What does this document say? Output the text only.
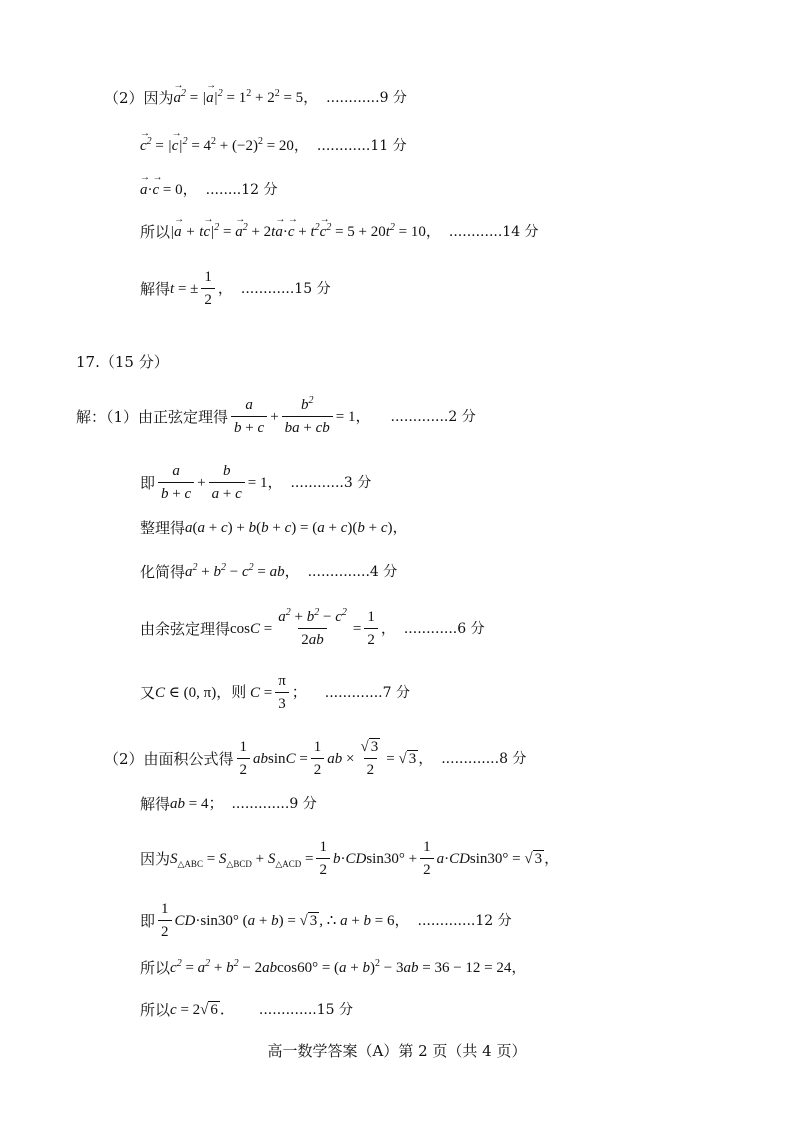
（2）因为 → $a^2$ = |→ $a|^2 = 1^2 + 2^2 = 5$， ............9 分
→ $c^2$ = |→ $c|^2 = 4^2 + (-2)^2 = 20$， ............11 分
→ a·→ c = 0， ........12 分
所以 |→ $a + t\to c|^2$ = → $a^2 + 2t\to a\cdot\to c + t^2\to c^2 = 5 + 20t^2 = 10$， ............14 分
解得 t = ± $\frac{1}{2}$ ， ............15 分
17.（15 分）
解：（1）由正弦定理得 $\frac{a}{b + c} + \frac{b^2}{ba + cb} = 1$， .............2 分
即 $\frac{a}{b + c} + \frac{b}{a + c} = 1$， ............3 分
整理得 a(a + c) + b(b + c) = (a + c)(b + c)，
化简得 $a^2 + b^2 - c^2$ = ab， ..............4 分
由余弦定理得 $\cos C = \frac{a^2 + b^2 - c^2}{2ab} = \frac{1}{2}$ ， ............6 分
又 C ∈ (0, π)，则 $C = \frac{\pi}{3}$ ； .............7 分
（2）由面积公式得 $\frac{1}{2}$ $absinC = \frac{1}{2}$ ab × $\frac{√ 3}{2}$ = √ 3 ， .............8 分
解得 ab = 4； .............9 分
因为 $S_{\triangle ABC} = S_{\triangle BCD} + S_{\triangle ACD} = \frac{1}{2} b\cdot CDsin30^\circ + \frac{1}{2} a\cdot CDsin30^\circ$ = √ 3 ，
即 $\frac{1}{2} CD\cdot\sin 30^\circ$ (a + b) = √ 3 , ∴ a + b = 6， .............12 分
所以 $c^2 = a^2 + b^2 - 2abcos60^\circ = (a + b)^2 - 3ab = 36 - 12 = 24$，
所以 c = 2√ 6 ． .............15 分
高一数学答案（A）第 2 页（共 4 页）
